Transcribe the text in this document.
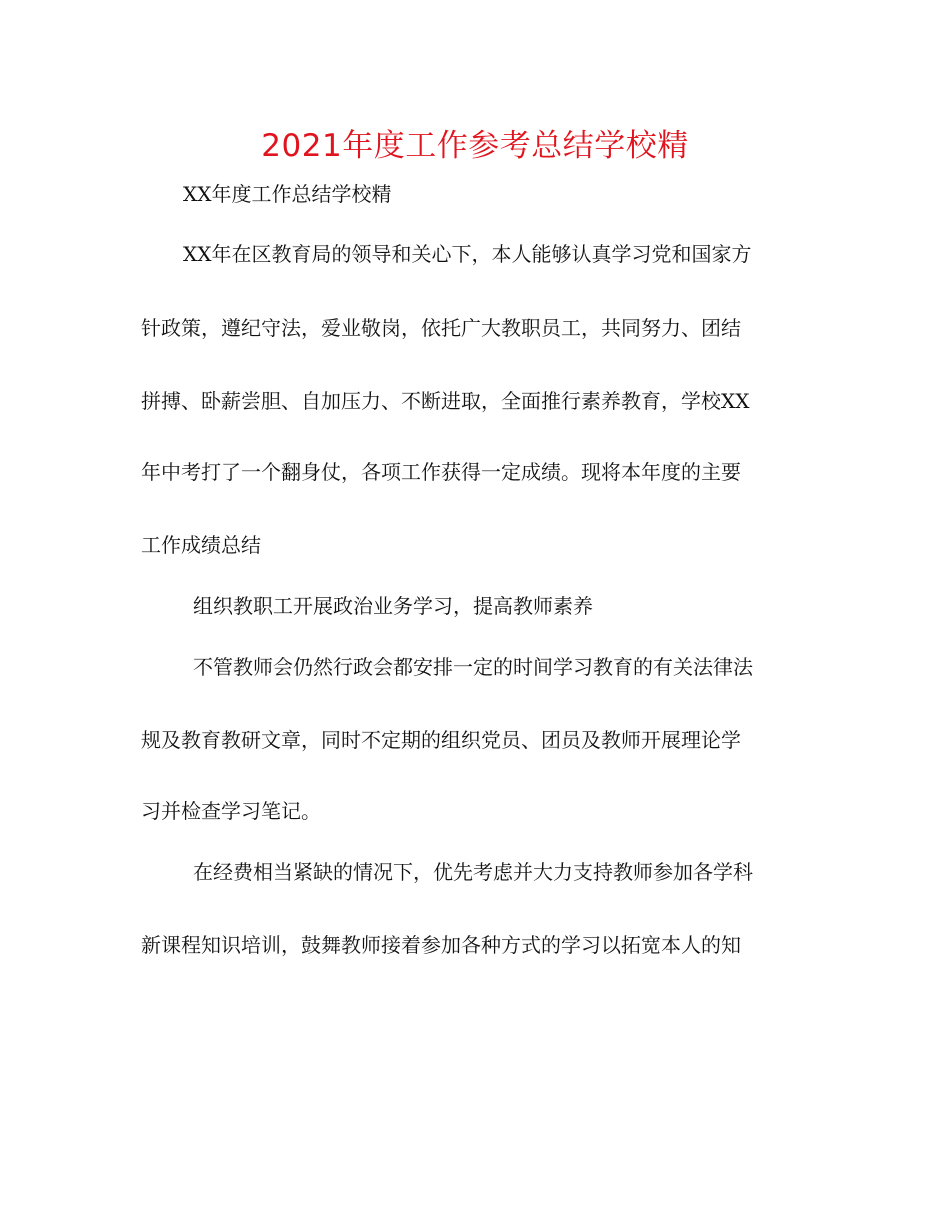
2021年度工作参考总结学校精
XX年度工作总结学校精
XX年在区教育局的领导和关心下，本人能够认真学习党和国家方
针政策，遵纪守法，爱业敬岗，依托广大教职员工，共同努力、团结
拼搏、卧薪尝胆、自加压力、不断进取，全面推行素养教育，学校XX
年中考打了一个翻身仗，各项工作获得一定成绩。现将本年度的主要
工作成绩总结
组织教职工开展政治业务学习，提高教师素养
不管教师会仍然行政会都安排一定的时间学习教育的有关法律法
规及教育教研文章，同时不定期的组织党员、团员及教师开展理论学
习并检查学习笔记。
在经费相当紧缺的情况下，优先考虑并大力支持教师参加各学科
新课程知识培训，鼓舞教师接着参加各种方式的学习以拓宽本人的知
